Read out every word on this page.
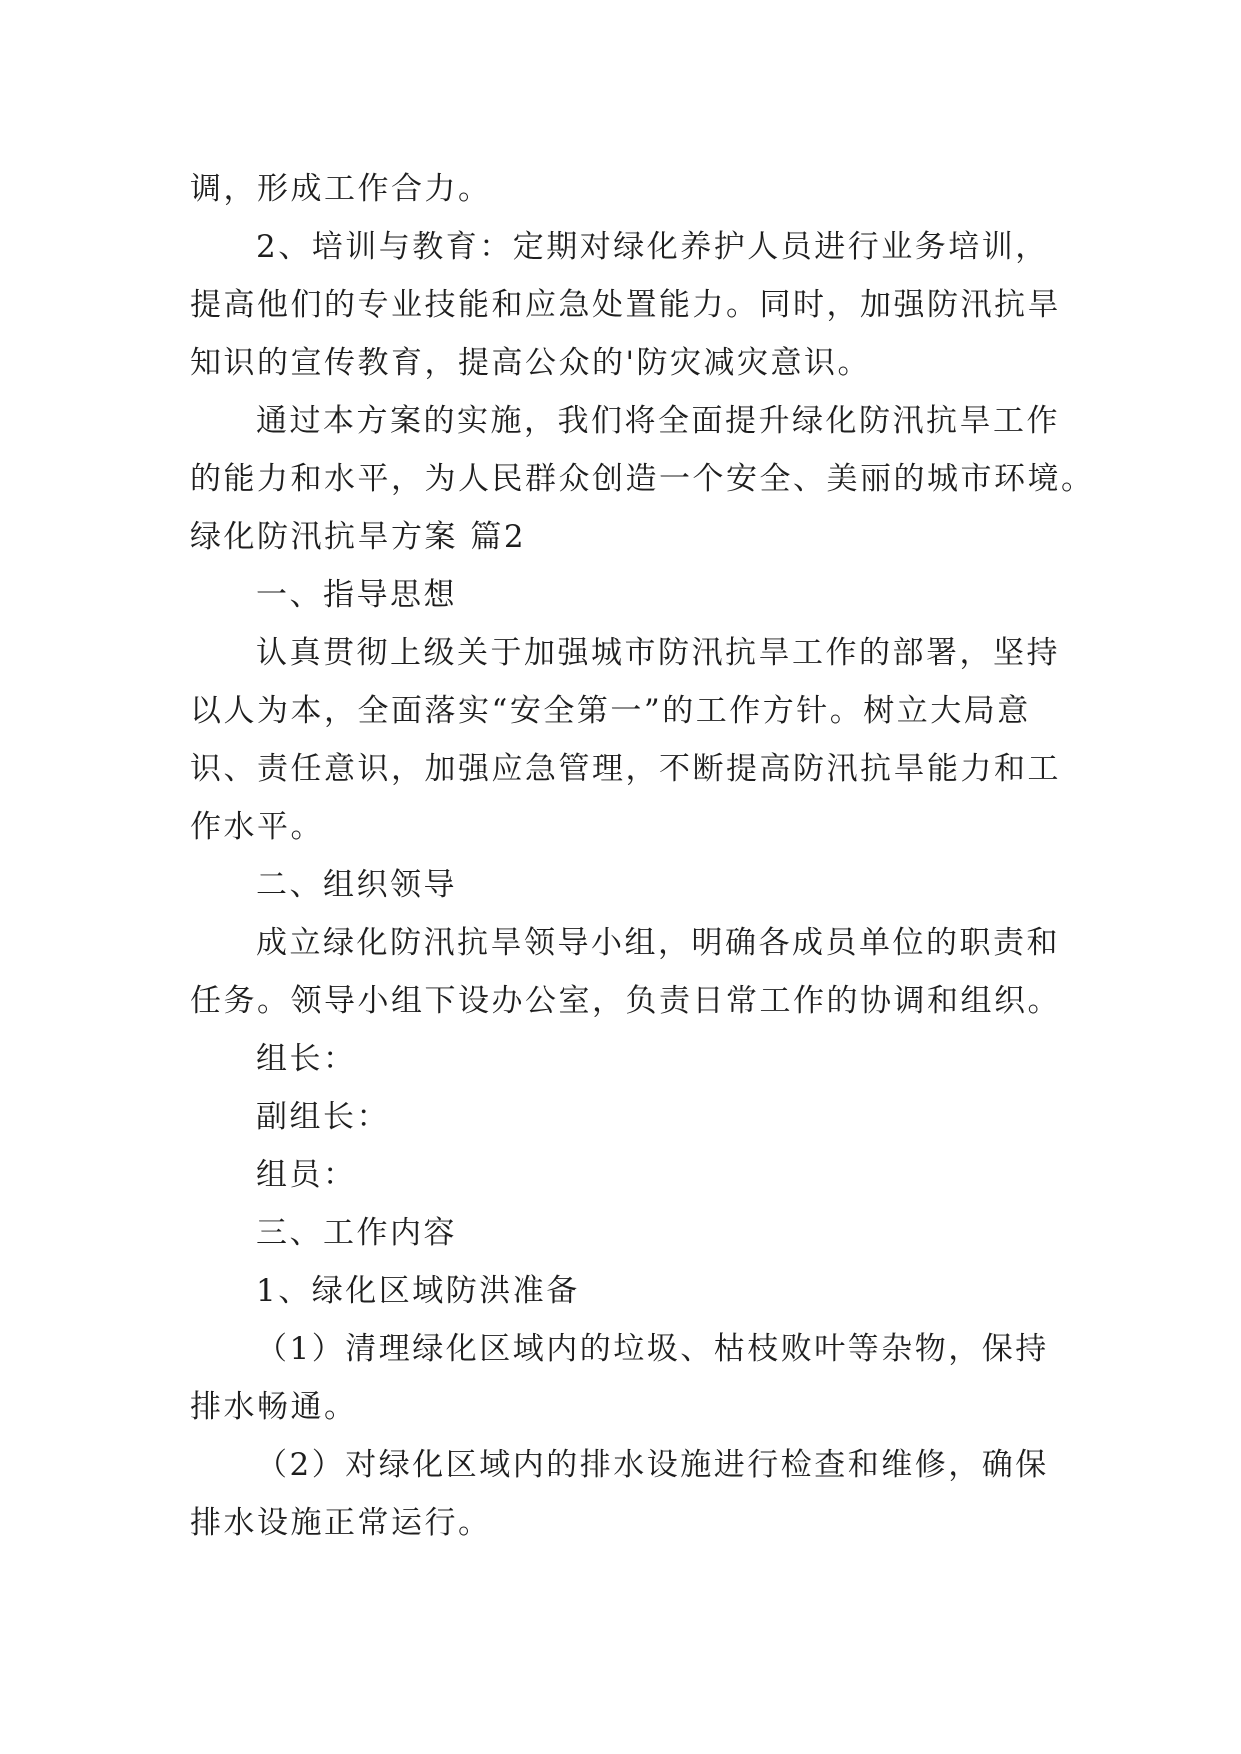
调，形成工作合力。
2、培训与教育：定期对绿化养护人员进行业务培训，
提高他们的专业技能和应急处置能力。同时，加强防汛抗旱
知识的宣传教育，提高公众的'防灾减灾意识。
通过本方案的实施，我们将全面提升绿化防汛抗旱工作
的能力和水平，为人民群众创造一个安全、美丽的城市环境。
绿化防汛抗旱方案 篇2
一、指导思想
认真贯彻上级关于加强城市防汛抗旱工作的部署，坚持
以人为本，全面落实“安全第一”的工作方针。树立大局意
识、责任意识，加强应急管理，不断提高防汛抗旱能力和工
作水平。
二、组织领导
成立绿化防汛抗旱领导小组，明确各成员单位的职责和
任务。领导小组下设办公室，负责日常工作的协调和组织。
组长：
副组长：
组员：
三、工作内容
1、绿化区域防洪准备
（1）清理绿化区域内的垃圾、枯枝败叶等杂物，保持
排水畅通。
（2）对绿化区域内的排水设施进行检查和维修，确保
排水设施正常运行。
